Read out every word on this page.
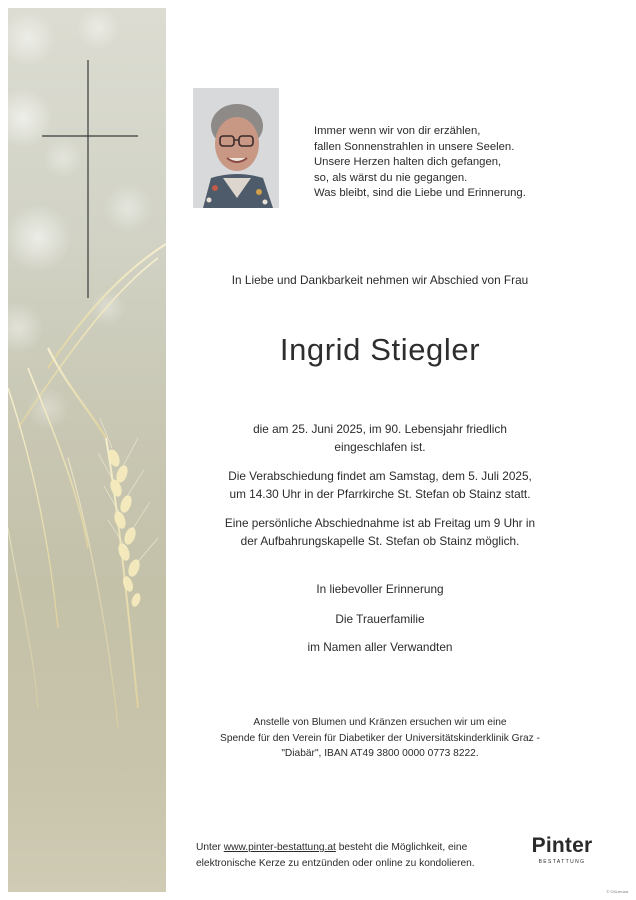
Immer wenn wir von dir erzählen,
fallen Sonnenstrahlen in unsere Seelen.
Unsere Herzen halten dich gefangen,
so, als wärst du nie gegangen.
Was bleibt, sind die Liebe und Erinnerung.
In Liebe und Dankbarkeit nehmen wir Abschied von Frau
Ingrid Stiegler
die am 25. Juni 2025, im 90. Lebensjahr friedlich
eingeschlafen ist.
Die Verabschiedung findet am Samstag, dem 5. Juli 2025,
um 14.30 Uhr in der Pfarrkirche St. Stefan ob Stainz statt.
Eine persönliche Abschiednahme ist ab Freitag um 9 Uhr in
der Aufbahrungskapelle St. Stefan ob Stainz möglich.
In liebevoller Erinnerung
Die Trauerfamilie
im Namen aller Verwandten
Anstelle von Blumen und Kränzen ersuchen wir um eine
Spende für den Verein für Diabetiker der Universitätskinderklinik Graz -
"Diabär", IBAN AT49 3800 0000 0773 8222.
Unter www.pinter-bestattung.at besteht die Möglichkeit, eine
elektronische Kerze zu entzünden oder online zu kondolieren.
Pinter
BESTATTUNG
© CM-eruca
